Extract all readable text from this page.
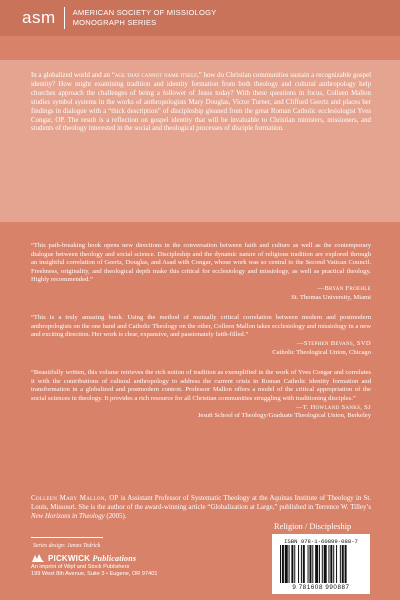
asm	AMERICAN SOCIETY OF MISSIOLOGY
MONOGRAPH SERIES

In a globalized world and an “age that cannot name itself,” how do Christian communities sustain a recognizable gospel identity? How might examining tradition and identity formation from both theology and cultural anthropology help churches approach the challenges of being a follower of Jesus today? With these questions in focus, Colleen Mallon studies symbol systems in the works of anthropologists Mary Douglas, Victor Turner, and Clifford Geertz and places her findings in dialogue with a “thick description” of discipleship gleaned from the great Roman Catholic ecclesiologist Yves Congar, OP. The result is a reflection on gospel identity that will be invaluable to Christian ministers, missioners, and students of theology interested in the social and theological processes of disciple formation.

“This path-breaking book opens new directions in the conversation between faith and culture as well as the contemporary dialogue between theology and social science. Discipleship and the dynamic nature of religious tradition are explored through an insightful correlation of Geertz, Douglas, and Asad with Congar, whose work was so central to the Second Vatican Council. Freshness, originality, and theological depth make this critical for ecclesiology and missiology, as well as practical theology. Highly recommended.”

—Bryan Froehle

St. Thomas University, Miami

“This is a truly amazing book. Using the method of mutually critical correlation between modern and postmodern anthropologists on the one hand and Catholic Theology on the other, Colleen Mallon takes ecclesiology and missiology in a new and exciting direction. Her work is clear, expansive, and passionately faith-filled.”

—Stephen Bevans, SVD

Catholic Theological Union, Chicago

“Beautifully written, this volume retrieves the rich notion of tradition as exemplified in the work of Yves Congar and correlates it with the contributions of cultural anthropology to address the current crisis in Roman Catholic identity formation and transformation in a globalized and postmodern context. Professor Mallon offers a model of the critical appropriation of the social sciences in theology. It provides a rich resource for all Christian communities struggling with traditioning disciples.”

—T. Howland Sanks, SJ

Jesuit School of Theology/Graduate Theological Union, Berkeley

Colleen Mary Mallon, OP is Assistant Professor of Systematic Theology at the Aquinas Institute of Theology in St. Louis, Missouri. She is the author of the award-winning article “Globalization at Large,” published in Terrence W. Tilley’s New Horizons in Theology (2005).

Series design: James Tedrick
PICKWICK Publications
An imprint of Wipf and Stock Publishers
199 West 8th Avenue, Suite 3 • Eugene, OR 97401
Religion / Discipleship
ISBN 978-1-60899-088-7
9 781608 990887
